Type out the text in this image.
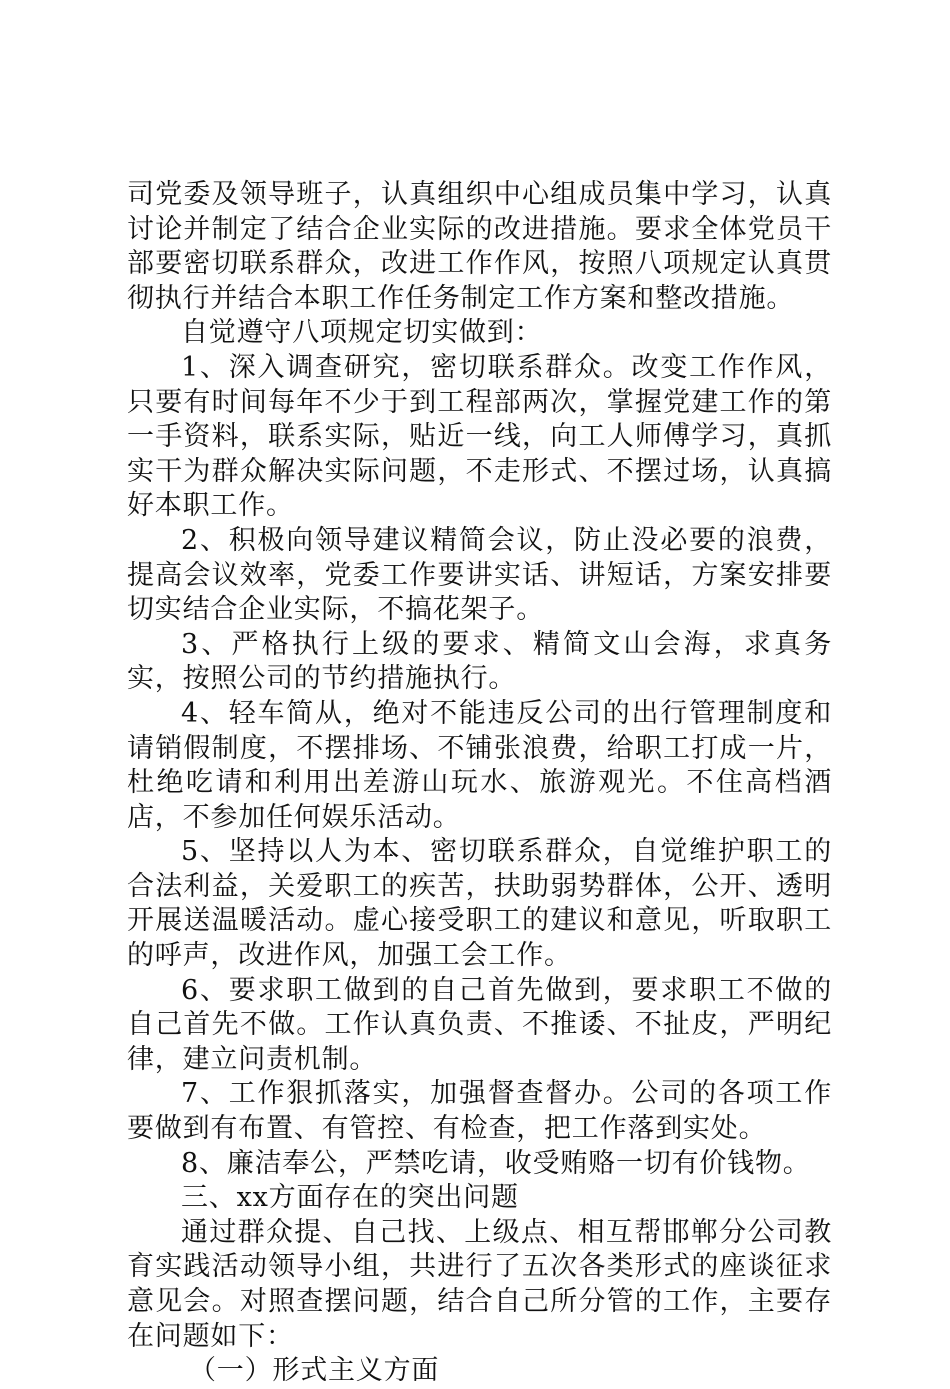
司党委及领导班子，认真组织中心组成员集中学习，认真讨论并制定了结合企业实际的改进措施。要求全体党员干部要密切联系群众，改进工作作风，按照八项规定认真贯彻执行并结合本职工作任务制定工作方案和整改措施。

自觉遵守八项规定切实做到：

1、深入调查研究，密切联系群众。改变工作作风，只要有时间每年不少于到工程部两次，掌握党建工作的第一手资料，联系实际，贴近一线，向工人师傅学习，真抓实干为群众解决实际问题，不走形式、不摆过场，认真搞好本职工作。

2、积极向领导建议精简会议，防止没必要的浪费，提高会议效率，党委工作要讲实话、讲短话，方案安排要切实结合企业实际，不搞花架子。

3、严格执行上级的要求、精简文山会海，求真务实，按照公司的节约措施执行。

4、轻车简从，绝对不能违反公司的出行管理制度和请销假制度，不摆排场、不铺张浪费，给职工打成一片，杜绝吃请和利用出差游山玩水、旅游观光。不住高档酒店，不参加任何娱乐活动。

5、坚持以人为本、密切联系群众，自觉维护职工的合法利益，关爱职工的疾苦，扶助弱势群体，公开、透明开展送温暖活动。虚心接受职工的建议和意见，听取职工的呼声，改进作风，加强工会工作。

6、要求职工做到的自己首先做到，要求职工不做的自己首先不做。工作认真负责、不推诿、不扯皮，严明纪律，建立问责机制。

7、工作狠抓落实，加强督查督办。公司的各项工作要做到有布置、有管控、有检查，把工作落到实处。

8、廉洁奉公，严禁吃请，收受贿赂一切有价钱物。

三、xx方面存在的突出问题

通过群众提、自己找、上级点、相互帮邯郸分公司教育实践活动领导小组，共进行了五次各类形式的座谈征求意见会。对照查摆问题，结合自己所分管的工作，主要存在问题如下：

（一）形式主义方面
